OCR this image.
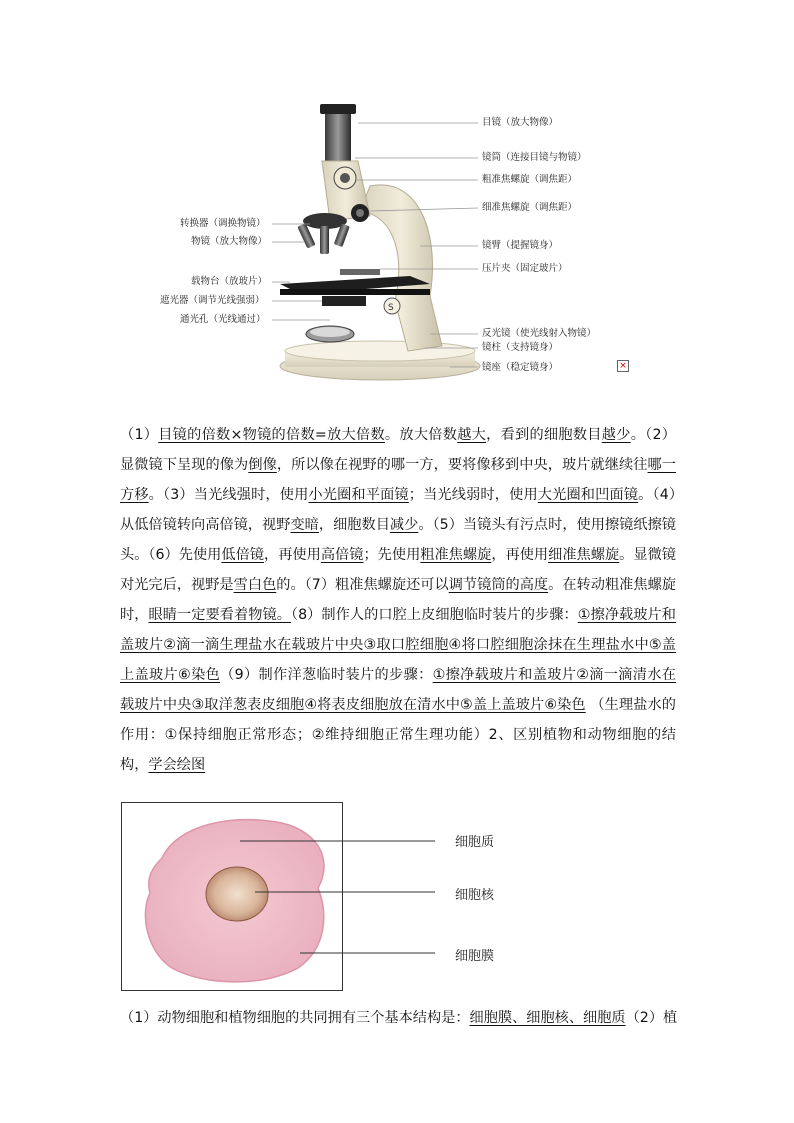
S
目镜（放大物像）
镜筒（连接目镜与物镜）
粗准焦螺旋（调焦距）
细准焦螺旋（调焦距）
镜臂（提握镜身）
压片夹（固定玻片）
反光镜（使光线射入物镜）
镜柱（支持镜身）
镜座（稳定镜身）
转换器（调换物镜）
物镜（放大物像）
载物台（放玻片）
遮光器（调节光线强弱）
通光孔（光线通过）
×
（1）目镜的倍数×物镜的倍数=放大倍数。放大倍数越大，看到的细胞数目越少。（2）显微镜下呈现的像为倒像，所以像在视野的哪一方，要将像移到中央，玻片就继续往哪一方移。（3）当光线强时，使用小光圈和平面镜；当光线弱时，使用大光圈和凹面镜。（4）从低倍镜转向高倍镜，视野变暗，细胞数目减少。（5）当镜头有污点时，使用擦镜纸擦镜头。（6）先使用低倍镜，再使用高倍镜；先使用粗准焦螺旋，再使用细准焦螺旋。显微镜对光完后，视野是雪白色的。（7）粗准焦螺旋还可以调节镜筒的高度。在转动粗准焦螺旋时，眼睛一定要看着物镜。（8）制作人的口腔上皮细胞临时装片的步骤：①擦净载玻片和盖玻片②滴一滴生理盐水在载玻片中央③取口腔细胞④将口腔细胞涂抹在生理盐水中⑤盖上盖玻片⑥染色（9）制作洋葱临时装片的步骤：①擦净载玻片和盖玻片②滴一滴清水在载玻片中央③取洋葱表皮细胞④将表皮细胞放在清水中⑤盖上盖玻片⑥染色 （生理盐水的作用：①保持细胞正常形态；②维持细胞正常生理功能）2、区别植物和动物细胞的结构，学会绘图
细胞质
细胞核
细胞膜
（1）动物细胞和植物细胞的共同拥有三个基本结构是：细胞膜、细胞核、细胞质（2）植
